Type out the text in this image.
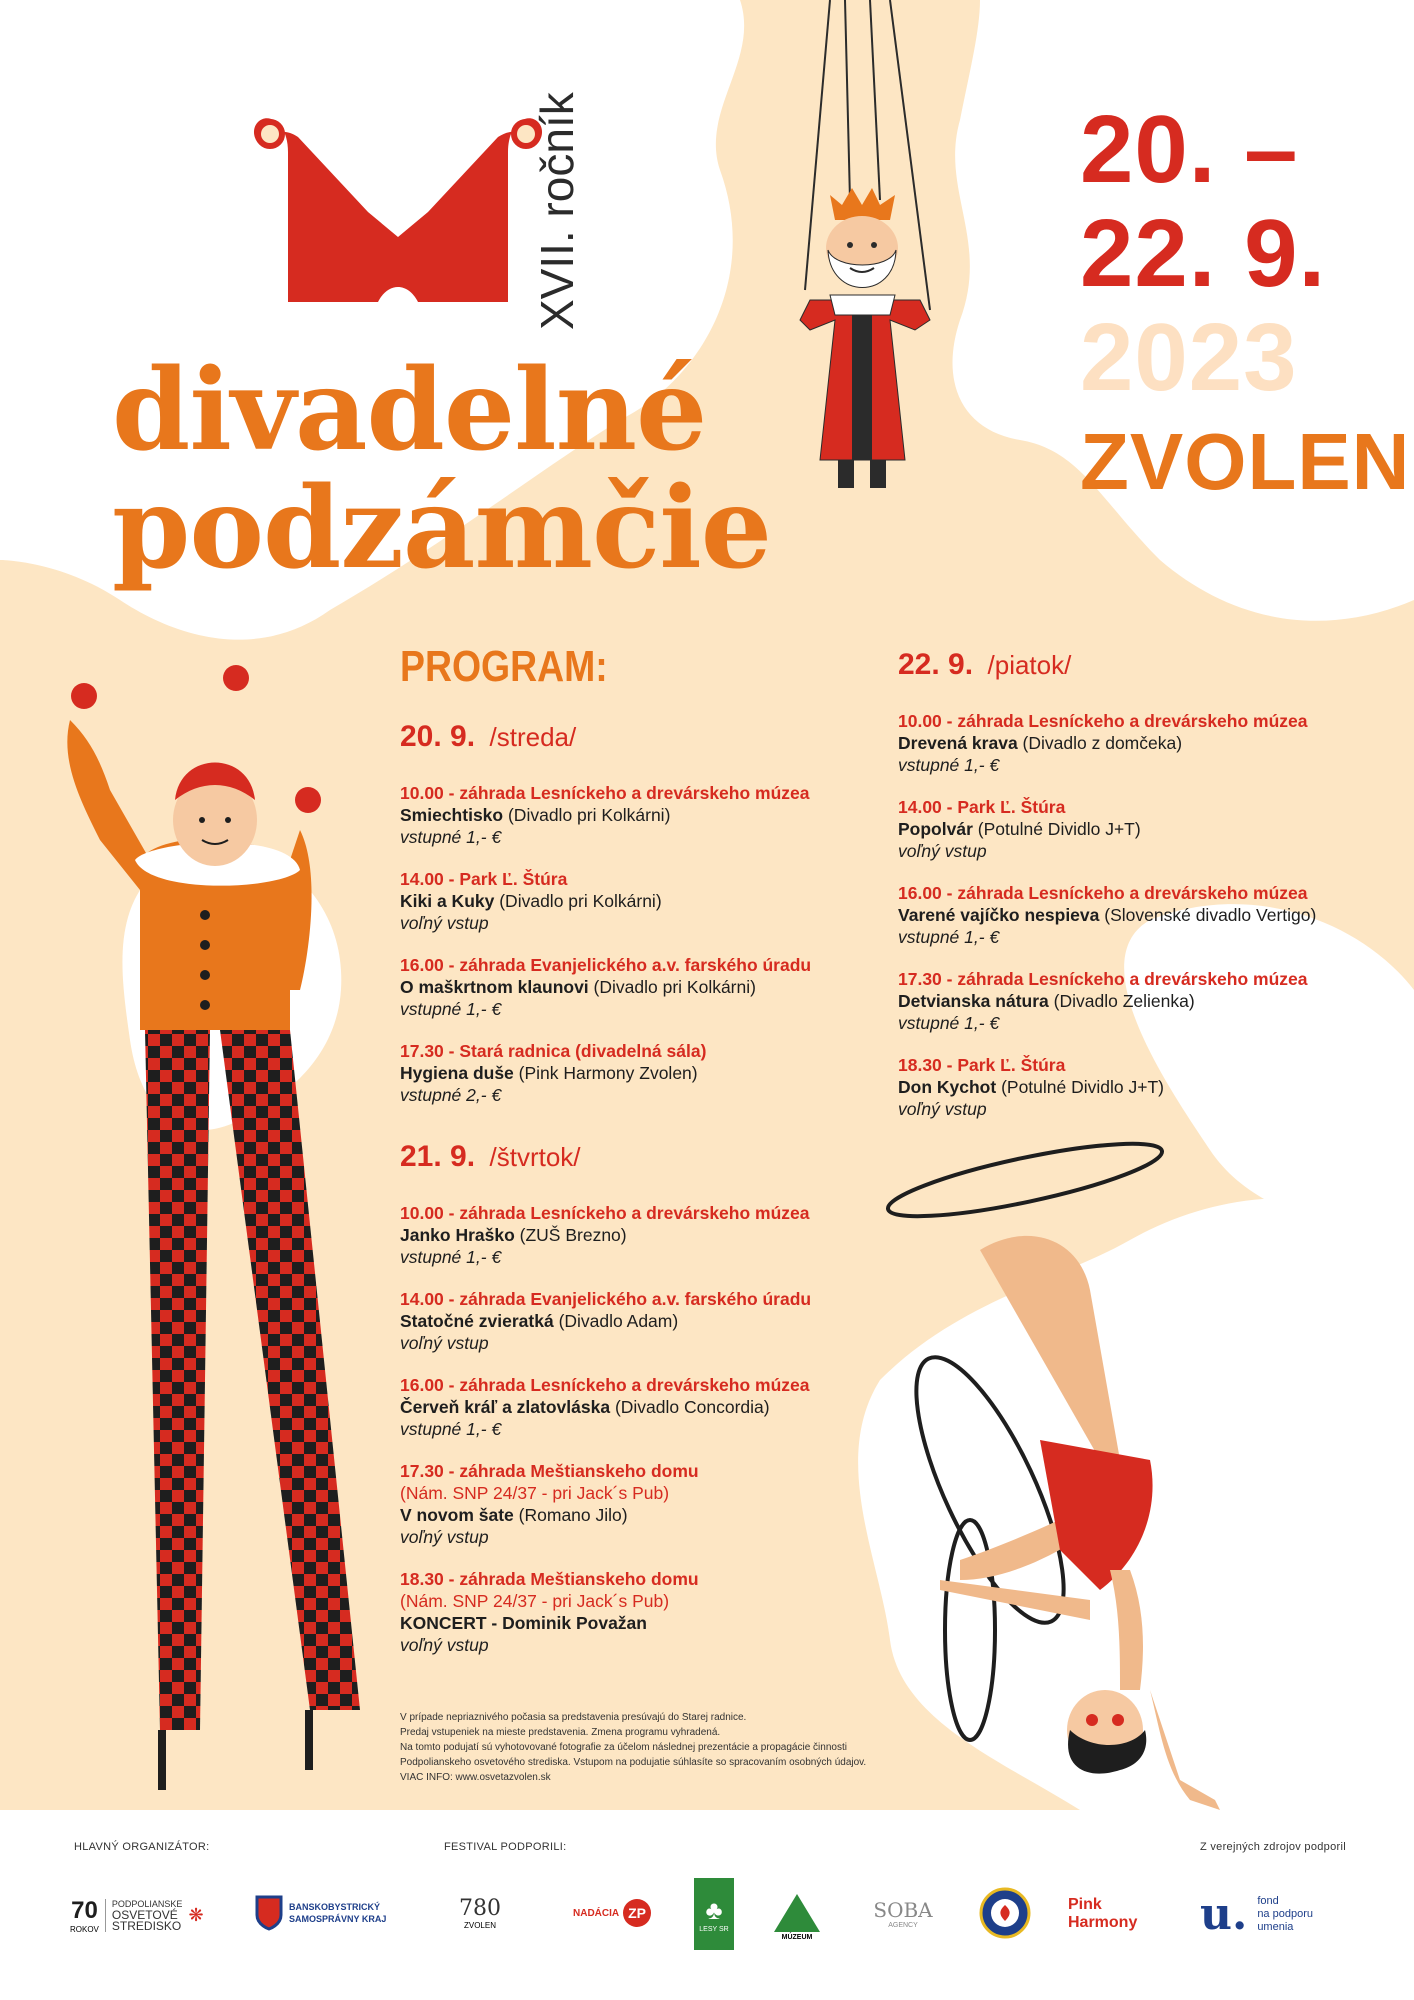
XVII. ročník
divadelné
podzámčie
20. –
22. 9.
2023
ZVOLEN
PROGRAM:
20. 9. /streda/
10.00 - záhrada Lesníckeho a drevárskeho múzea
Smiechtisko (Divadlo pri Kolkárni)
vstupné 1,- €
14.00 - Park Ľ. Štúra
Kiki a Kuky (Divadlo pri Kolkárni)
voľný vstup
16.00 - záhrada Evanjelického a.v. farského úradu
O maškrtnom klaunovi (Divadlo pri Kolkárni)
vstupné 1,- €
17.30 - Stará radnica (divadelná sála)
Hygiena duše (Pink Harmony Zvolen)
vstupné 2,- €
21. 9. /štvrtok/
10.00 - záhrada Lesníckeho a drevárskeho múzea
Janko Hraško (ZUŠ Brezno)
vstupné 1,- €
14.00 - záhrada Evanjelického a.v. farského úradu
Statočné zvieratká (Divadlo Adam)
voľný vstup
16.00 - záhrada Lesníckeho a drevárskeho múzea
Červeň kráľ a zlatovláska (Divadlo Concordia)
vstupné 1,- €
17.30 - záhrada Meštianskeho domu
(Nám. SNP 24/37 - pri Jack´s Pub)
V novom šate (Romano Jilo)
voľný vstup
18.30 - záhrada Meštianskeho domu
(Nám. SNP 24/37 - pri Jack´s Pub)
KONCERT - Dominik Považan
voľný vstup
V prípade nepriaznivého počasia sa predstavenia presúvajú do Starej radnice.
Predaj vstupeniek na mieste predstavenia. Zmena programu vyhradená.
Na tomto podujatí sú vyhotovované fotografie za účelom následnej prezentácie a propagácie činnosti
Podpolianskeho osvetového strediska. Vstupom na podujatie súhlasíte so spracovaním osobných údajov.
VIAC INFO: www.osvetazvolen.sk
22. 9. /piatok/
10.00 - záhrada Lesníckeho a drevárskeho múzea
Drevená krava (Divadlo z domčeka)
vstupné 1,- €
14.00 - Park Ľ. Štúra
Popolvár (Potulné Dividlo J+T)
voľný vstup
16.00 - záhrada Lesníckeho a drevárskeho múzea
Varené vajíčko nespieva (Slovenské divadlo Vertigo)
vstupné 1,- €
17.30 - záhrada Lesníckeho a drevárskeho múzea
Detvianska nátura (Divadlo Zelienka)
vstupné 1,- €
18.30 - Park Ľ. Štúra
Don Kychot (Potulné Dividlo J+T)
voľný vstup
HLAVNÝ ORGANIZÁTOR:	FESTIVAL PODPORILI:	Z verejných zdrojov podporil
70
ROKOV
PODPOLIANSKE
OSVETOVÉ
STREDISKO
❋	BANSKOBYSTRICKÝ
SAMOSPRÁVNY KRAJ	780
ZVOLEN
NADÁCIA ZP ♣
LESY SR
MÚZEUM
SOBA
AGENCY
Pink
Harmony u. fond
na podporu
umenia
